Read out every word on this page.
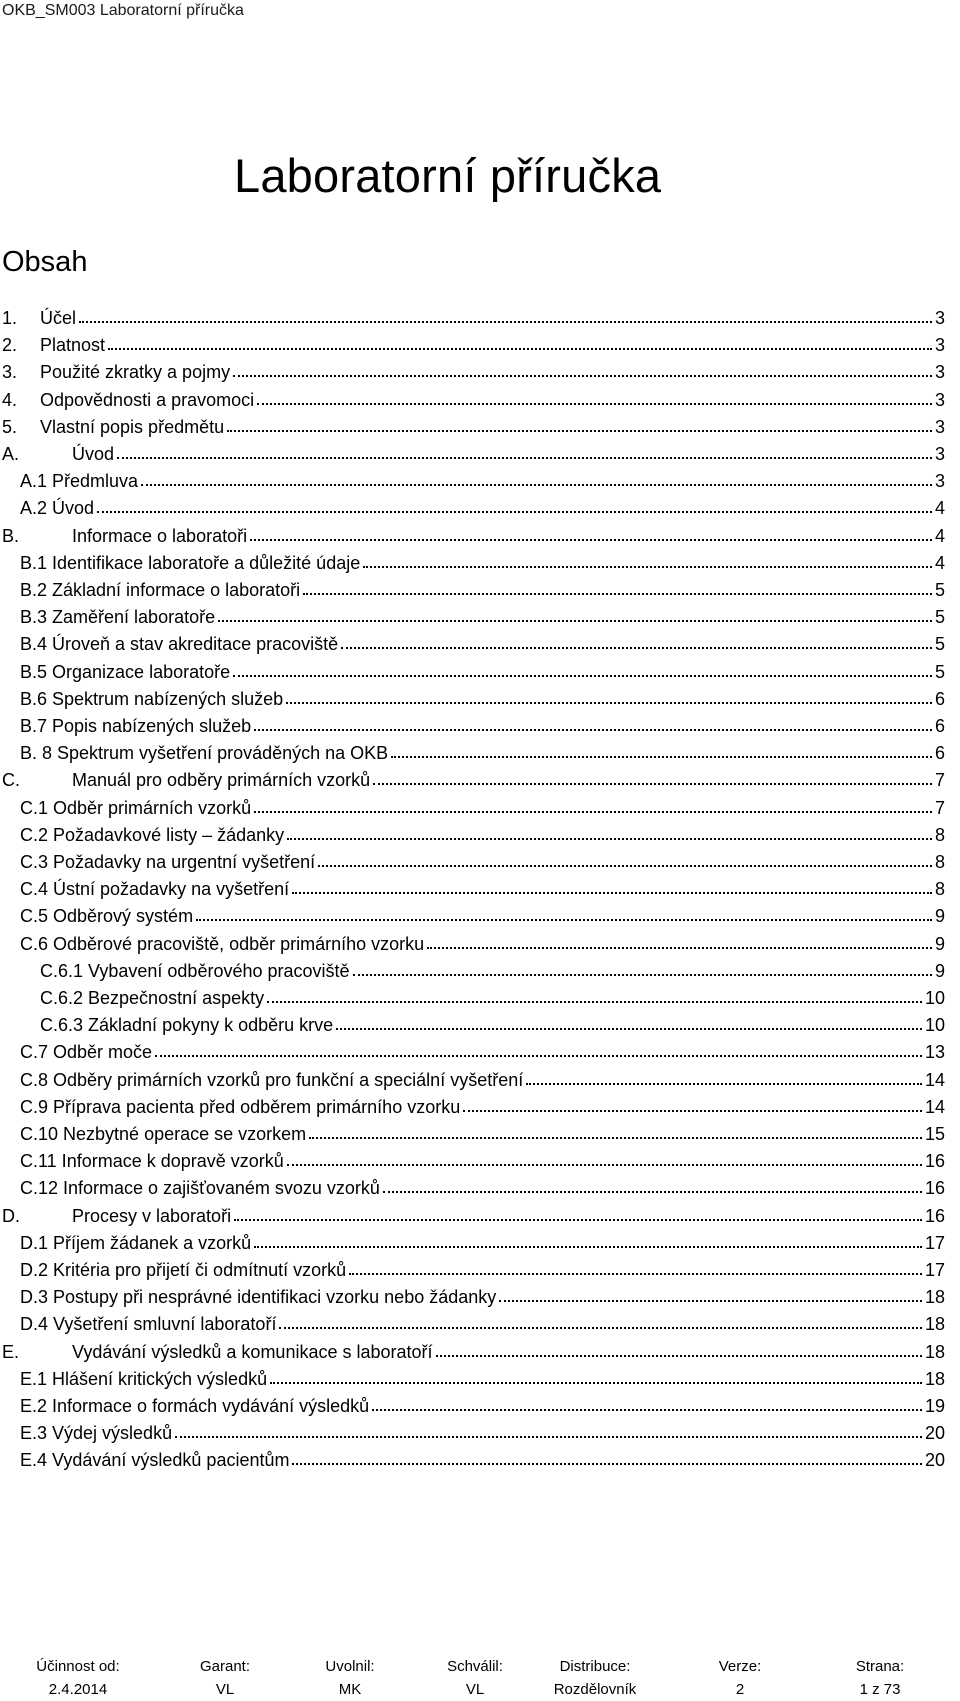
OKB_SM003 Laboratorní příručka
Laboratorní příručka
Obsah
1.	Účel	3
2.	Platnost	3
3.	Použité zkratky a pojmy	3
4.	Odpovědnosti a pravomoci	3
5.	Vlastní popis předmětu	3
A.	Úvod	3
A.1 Předmluva	3
A.2 Úvod	4
B.	Informace o laboratoři	4
B.1 Identifikace laboratoře a důležité údaje	4
B.2 Základní informace o laboratoři	5
B.3 Zaměření laboratoře	5
B.4 Úroveň a stav akreditace pracoviště	5
B.5 Organizace laboratoře	5
B.6 Spektrum nabízených služeb	6
B.7 Popis nabízených služeb	6
B. 8 Spektrum vyšetření prováděných na OKB	6
C.	Manuál pro odběry primárních vzorků	7
C.1 Odběr primárních vzorků	7
C.2 Požadavkové listy – žádanky	8
C.3 Požadavky na urgentní vyšetření	8
C.4 Ústní požadavky na vyšetření	8
C.5 Odběrový systém	9
C.6 Odběrové pracoviště, odběr primárního vzorku	9
C.6.1 Vybavení odběrového pracoviště	9
C.6.2 Bezpečnostní aspekty	10
C.6.3 Základní pokyny k odběru krve	10
C.7 Odběr moče	13
C.8 Odběry primárních vzorků pro funkční a speciální vyšetření	14
C.9 Příprava pacienta před odběrem primárního vzorku	14
C.10 Nezbytné operace se vzorkem	15
C.11 Informace k dopravě vzorků	16
C.12 Informace o zajišťovaném svozu vzorků	16
D.	Procesy v laboratoři	16
D.1 Příjem žádanek a vzorků	17
D.2 Kritéria pro přijetí či odmítnutí vzorků	17
D.3 Postupy při nesprávné identifikaci vzorku nebo žádanky	18
D.4 Vyšetření smluvní laboratoří	18
E.	Vydávání výsledků a komunikace s laboratoří	18
E.1 Hlášení kritických výsledků	18
E.2 Informace o formách vydávání výsledků	19
E.3 Výdej výsledků	20
E.4 Vydávání výsledků pacientům	20
Účinnost od:
2.4.2014
Garant:
VL
Uvolnil:
MK
Schválil:
VL
Distribuce:
Rozdělovník
Verze:
2
Strana:
1 z 73
